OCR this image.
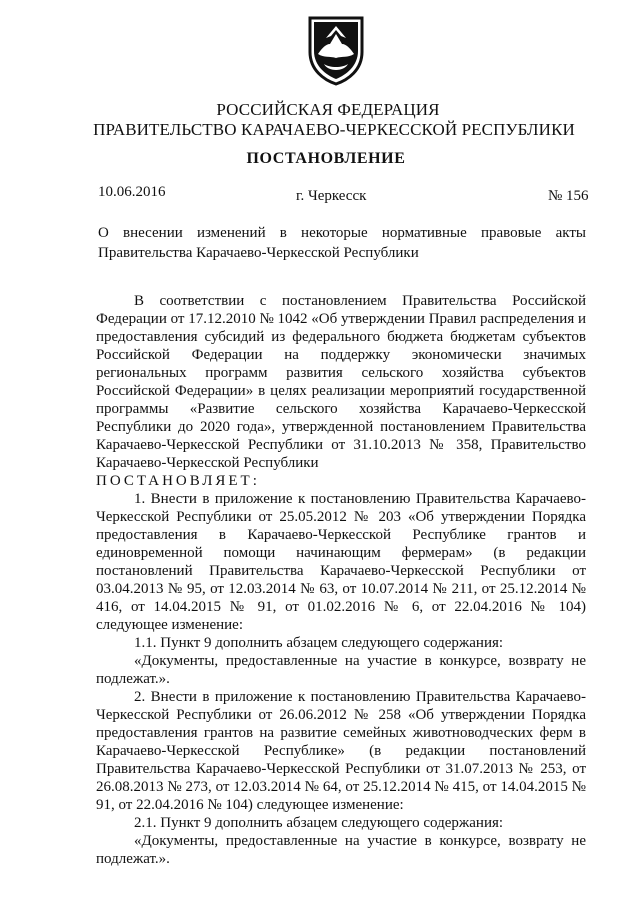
РОССИЙСКАЯ ФЕДЕРАЦИЯ
ПРАВИТЕЛЬСТВО КАРАЧАЕВО-ЧЕРКЕССКОЙ РЕСПУБЛИКИ
ПОСТАНОВЛЕНИЕ
10.06.2016	г. Черкесск	№ 156
О внесении изменений в некоторые нормативные правовые акты Правительства Карачаево-Черкесской Республики

В соответствии с постановлением Правительства Российской Федерации от 17.12.2010 № 1042 «Об утверждении Правил распределения и предоставления субсидий из федерального бюджета бюджетам субъектов Российской Федерации на поддержку экономически значимых региональных программ развития сельского хозяйства субъектов Российской Федерации» в целях реализации мероприятий государственной программы «Развитие сельского хозяйства Карачаево-Черкесской Республики до 2020 года», утвержденной постановлением Правительства Карачаево-Черкесской Республики от 31.10.2013 № 358, Правительство Карачаево-Черкесской Республики

ПОСТАНОВЛЯЕТ:

1. Внести в приложение к постановлению Правительства Карачаево-Черкесской Республики от 25.05.2012 № 203 «Об утверждении Порядка предоставления в Карачаево-Черкесской Республике грантов и единовременной помощи начинающим фермерам» (в редакции постановлений Правительства Карачаево-Черкесской Республики от 03.04.2013 № 95, от 12.03.2014 № 63, от 10.07.2014 № 211, от 25.12.2014 № 416, от 14.04.2015 № 91, от 01.02.2016 № 6, от 22.04.2016 № 104) следующее изменение:

1.1. Пункт 9 дополнить абзацем следующего содержания:

«Документы, предоставленные на участие в конкурсе, возврату не подлежат.».

2. Внести в приложение к постановлению Правительства Карачаево-Черкесской Республики от 26.06.2012 № 258 «Об утверждении Порядка предоставления грантов на развитие семейных животноводческих ферм в Карачаево-Черкесской Республике» (в редакции постановлений Правительства Карачаево-Черкесской Республики от 31.07.2013 № 253, от 26.08.2013 № 273, от 12.03.2014 № 64, от 25.12.2014 № 415, от 14.04.2015 № 91, от 22.04.2016 № 104) следующее изменение:

2.1. Пункт 9 дополнить абзацем следующего содержания:

«Документы, предоставленные на участие в конкурсе, возврату не подлежат.».
